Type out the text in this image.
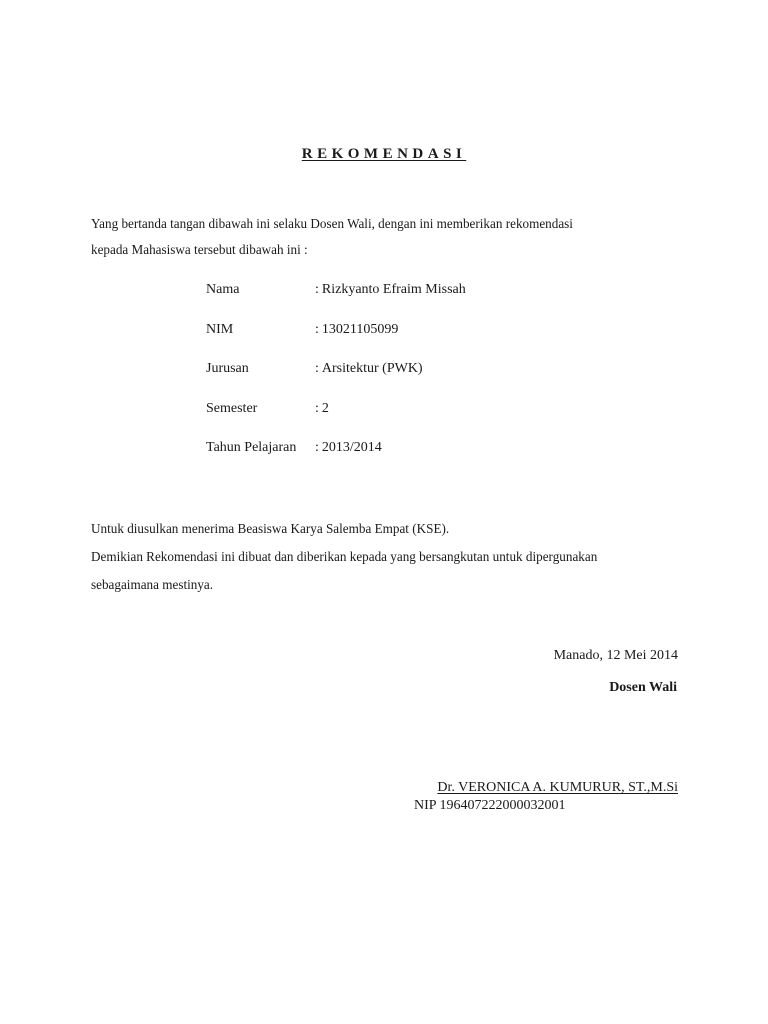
REKOMENDASI
Yang bertanda tangan dibawah ini selaku Dosen Wali, dengan ini memberikan rekomendasi
kepada Mahasiswa tersebut dibawah ini :
Nama	: Rizkyanto Efraim Missah
NIM	: 13021105099
Jurusan	: Arsitektur (PWK)
Semester	: 2
Tahun Pelajaran	: 2013/2014
Untuk diusulkan menerima Beasiswa Karya Salemba Empat (KSE).
Demikian Rekomendasi ini dibuat dan diberikan kepada yang bersangkutan untuk dipergunakan
sebagaimana mestinya.
Manado, 12 Mei 2014
Dosen Wali
Dr. VERONICA A. KUMURUR, ST.,M.Si
NIP 196407222000032001
